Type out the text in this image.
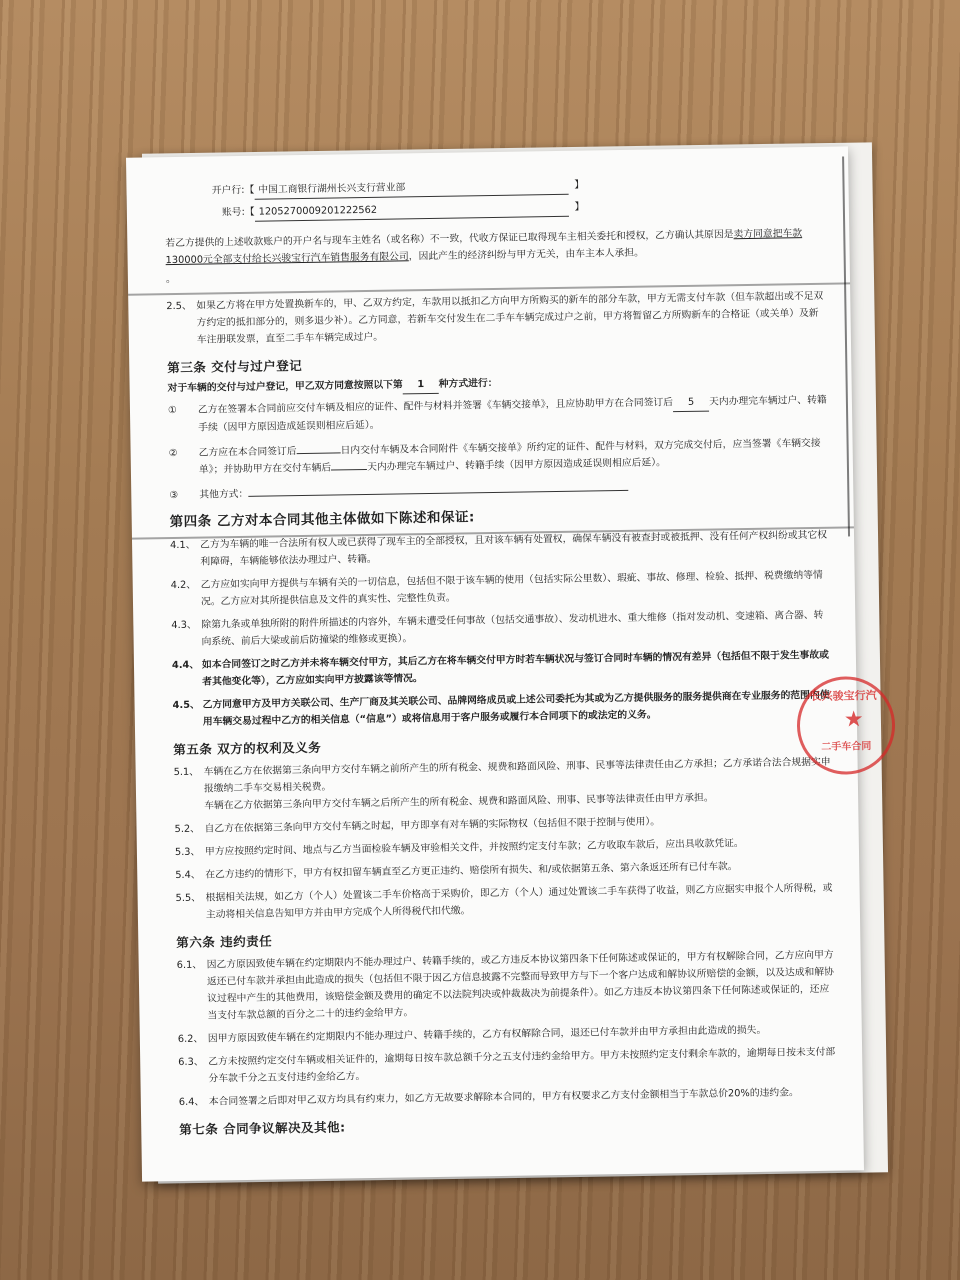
开户行: 【 中国工商银行湖州长兴支行营业部	】
账号: 【 1205270009201222562	】
若乙方提供的上述收款账户的开户名与现车主姓名（或名称）不一致，代收方保证已取得现车主相关委托和授权，乙方确认其原因是卖方同意把车款130000元全部支付给长兴骏宝行汽车销售服务有限公司，因此产生的经济纠纷与甲方无关，由车主本人承担。
。
2.5、 如果乙方将在甲方处置换新车的，甲、乙双方约定，车款用以抵扣乙方向甲方所购买的新车的部分车款，甲方无需支付车款（但车款超出或不足双方约定的抵扣部分的，则多退少补）。乙方同意，若新车交付发生在二手车车辆完成过户之前，甲方将暂留乙方所购新车的合格证（或关单）及新车注册联发票，直至二手车车辆完成过户。
第三条 交付与过户登记
对于车辆的交付与过户登记，甲乙双方同意按照以下第 1 种方式进行：
①	乙方在签署本合同前应交付车辆及相应的证件、配件与材料并签署《车辆交接单》，且应协助甲方在合同签订后 5 天内办理完车辆过户、转籍手续（因甲方原因造成延误则相应后延）。
②	乙方应在本合同签订后	日内交付车辆及本合同附件《车辆交接单》所约定的证件、配件与材料，双方完成交付后，应当签署《车辆交接单》；并协助甲方在交付车辆后	天内办理完车辆过户、转籍手续（因甲方原因造成延误则相应后延）。
③	其他方式：
第四条 乙方对本合同其他主体做如下陈述和保证:
4.1、 乙方为车辆的唯一合法所有权人或已获得了现车主的全部授权，且对该车辆有处置权，确保车辆没有被查封或被抵押、没有任何产权纠纷或其它权利障碍，车辆能够依法办理过户、转籍。
4.2、 乙方应如实向甲方提供与车辆有关的一切信息，包括但不限于该车辆的使用（包括实际公里数）、瑕疵、事故、修理、检验、抵押、税费缴纳等情况。乙方应对其所提供信息及文件的真实性、完整性负责。
4.3、 除第九条或单独所附的附件所描述的内容外，车辆未遭受任何事故（包括交通事故）、发动机进水、重大维修（指对发动机、变速箱、离合器、转向系统、前后大梁或前后防撞梁的维修或更换）。
4.4、 如本合同签订之时乙方并未将车辆交付甲方，其后乙方在将车辆交付甲方时若车辆状况与签订合同时车辆的情况有差异（包括但不限于发生事故或者其他变化等），乙方应如实向甲方披露该等情况。
4.5、 乙方同意甲方及甲方关联公司、生产厂商及其关联公司、品牌网络成员或上述公司委托为其或为乙方提供服务的服务提供商在专业服务的范围内使用车辆交易过程中乙方的相关信息（“信息”）或将信息用于客户服务或履行本合同项下的或法定的义务。
第五条 双方的权利及义务
5.1、 车辆在乙方在依据第三条向甲方交付车辆之前所产生的所有税金、规费和路面风险、刑事、民事等法律责任由乙方承担；乙方承诺合法合规据实申报缴纳二手车交易相关税费。
车辆在乙方依据第三条向甲方交付车辆之后所产生的所有税金、规费和路面风险、刑事、民事等法律责任由甲方承担。
5.2、 自乙方在依据第三条向甲方交付车辆之时起，甲方即享有对车辆的实际物权（包括但不限于控制与使用）。
5.3、 甲方应按照约定时间、地点与乙方当面检验车辆及审验相关文件，并按照约定支付车款；乙方收取车款后，应出具收款凭证。
5.4、 在乙方违约的情形下，甲方有权扣留车辆直至乙方更正违约、赔偿所有损失、和/或依据第五条、第六条返还所有已付车款。
5.5、 根据相关法规，如乙方（个人）处置该二手车价格高于采购价，即乙方（个人）通过处置该二手车获得了收益，则乙方应据实申报个人所得税，或主动将相关信息告知甲方并由甲方完成个人所得税代扣代缴。
第六条 违约责任
6.1、 因乙方原因致使车辆在约定期限内不能办理过户、转籍手续的，或乙方违反本协议第四条下任何陈述或保证的，甲方有权解除合同，乙方应向甲方返还已付车款并承担由此造成的损失（包括但不限于因乙方信息披露不完整而导致甲方与下一个客户达成和解协议所赔偿的金额，以及达成和解协议过程中产生的其他费用，该赔偿金额及费用的确定不以法院判决或仲裁裁决为前提条件）。如乙方违反本协议第四条下任何陈述或保证的，还应当支付车款总额的百分之二十的违约金给甲方。
6.2、 因甲方原因致使车辆在约定期限内不能办理过户、转籍手续的，乙方有权解除合同，退还已付车款并由甲方承担由此造成的损失。
6.3、 乙方未按照约定交付车辆或相关证件的，逾期每日按车款总额千分之五支付违约金给甲方。甲方未按照约定支付剩余车款的，逾期每日按未支付部分车款千分之五支付违约金给乙方。
6.4、 本合同签署之后即对甲乙双方均具有约束力，如乙方无故要求解除本合同的，甲方有权要求乙方支付金额相当于车款总价20%的违约金。
第七条 合同争议解决及其他:
长兴骏宝行汽
★
二手车合同
